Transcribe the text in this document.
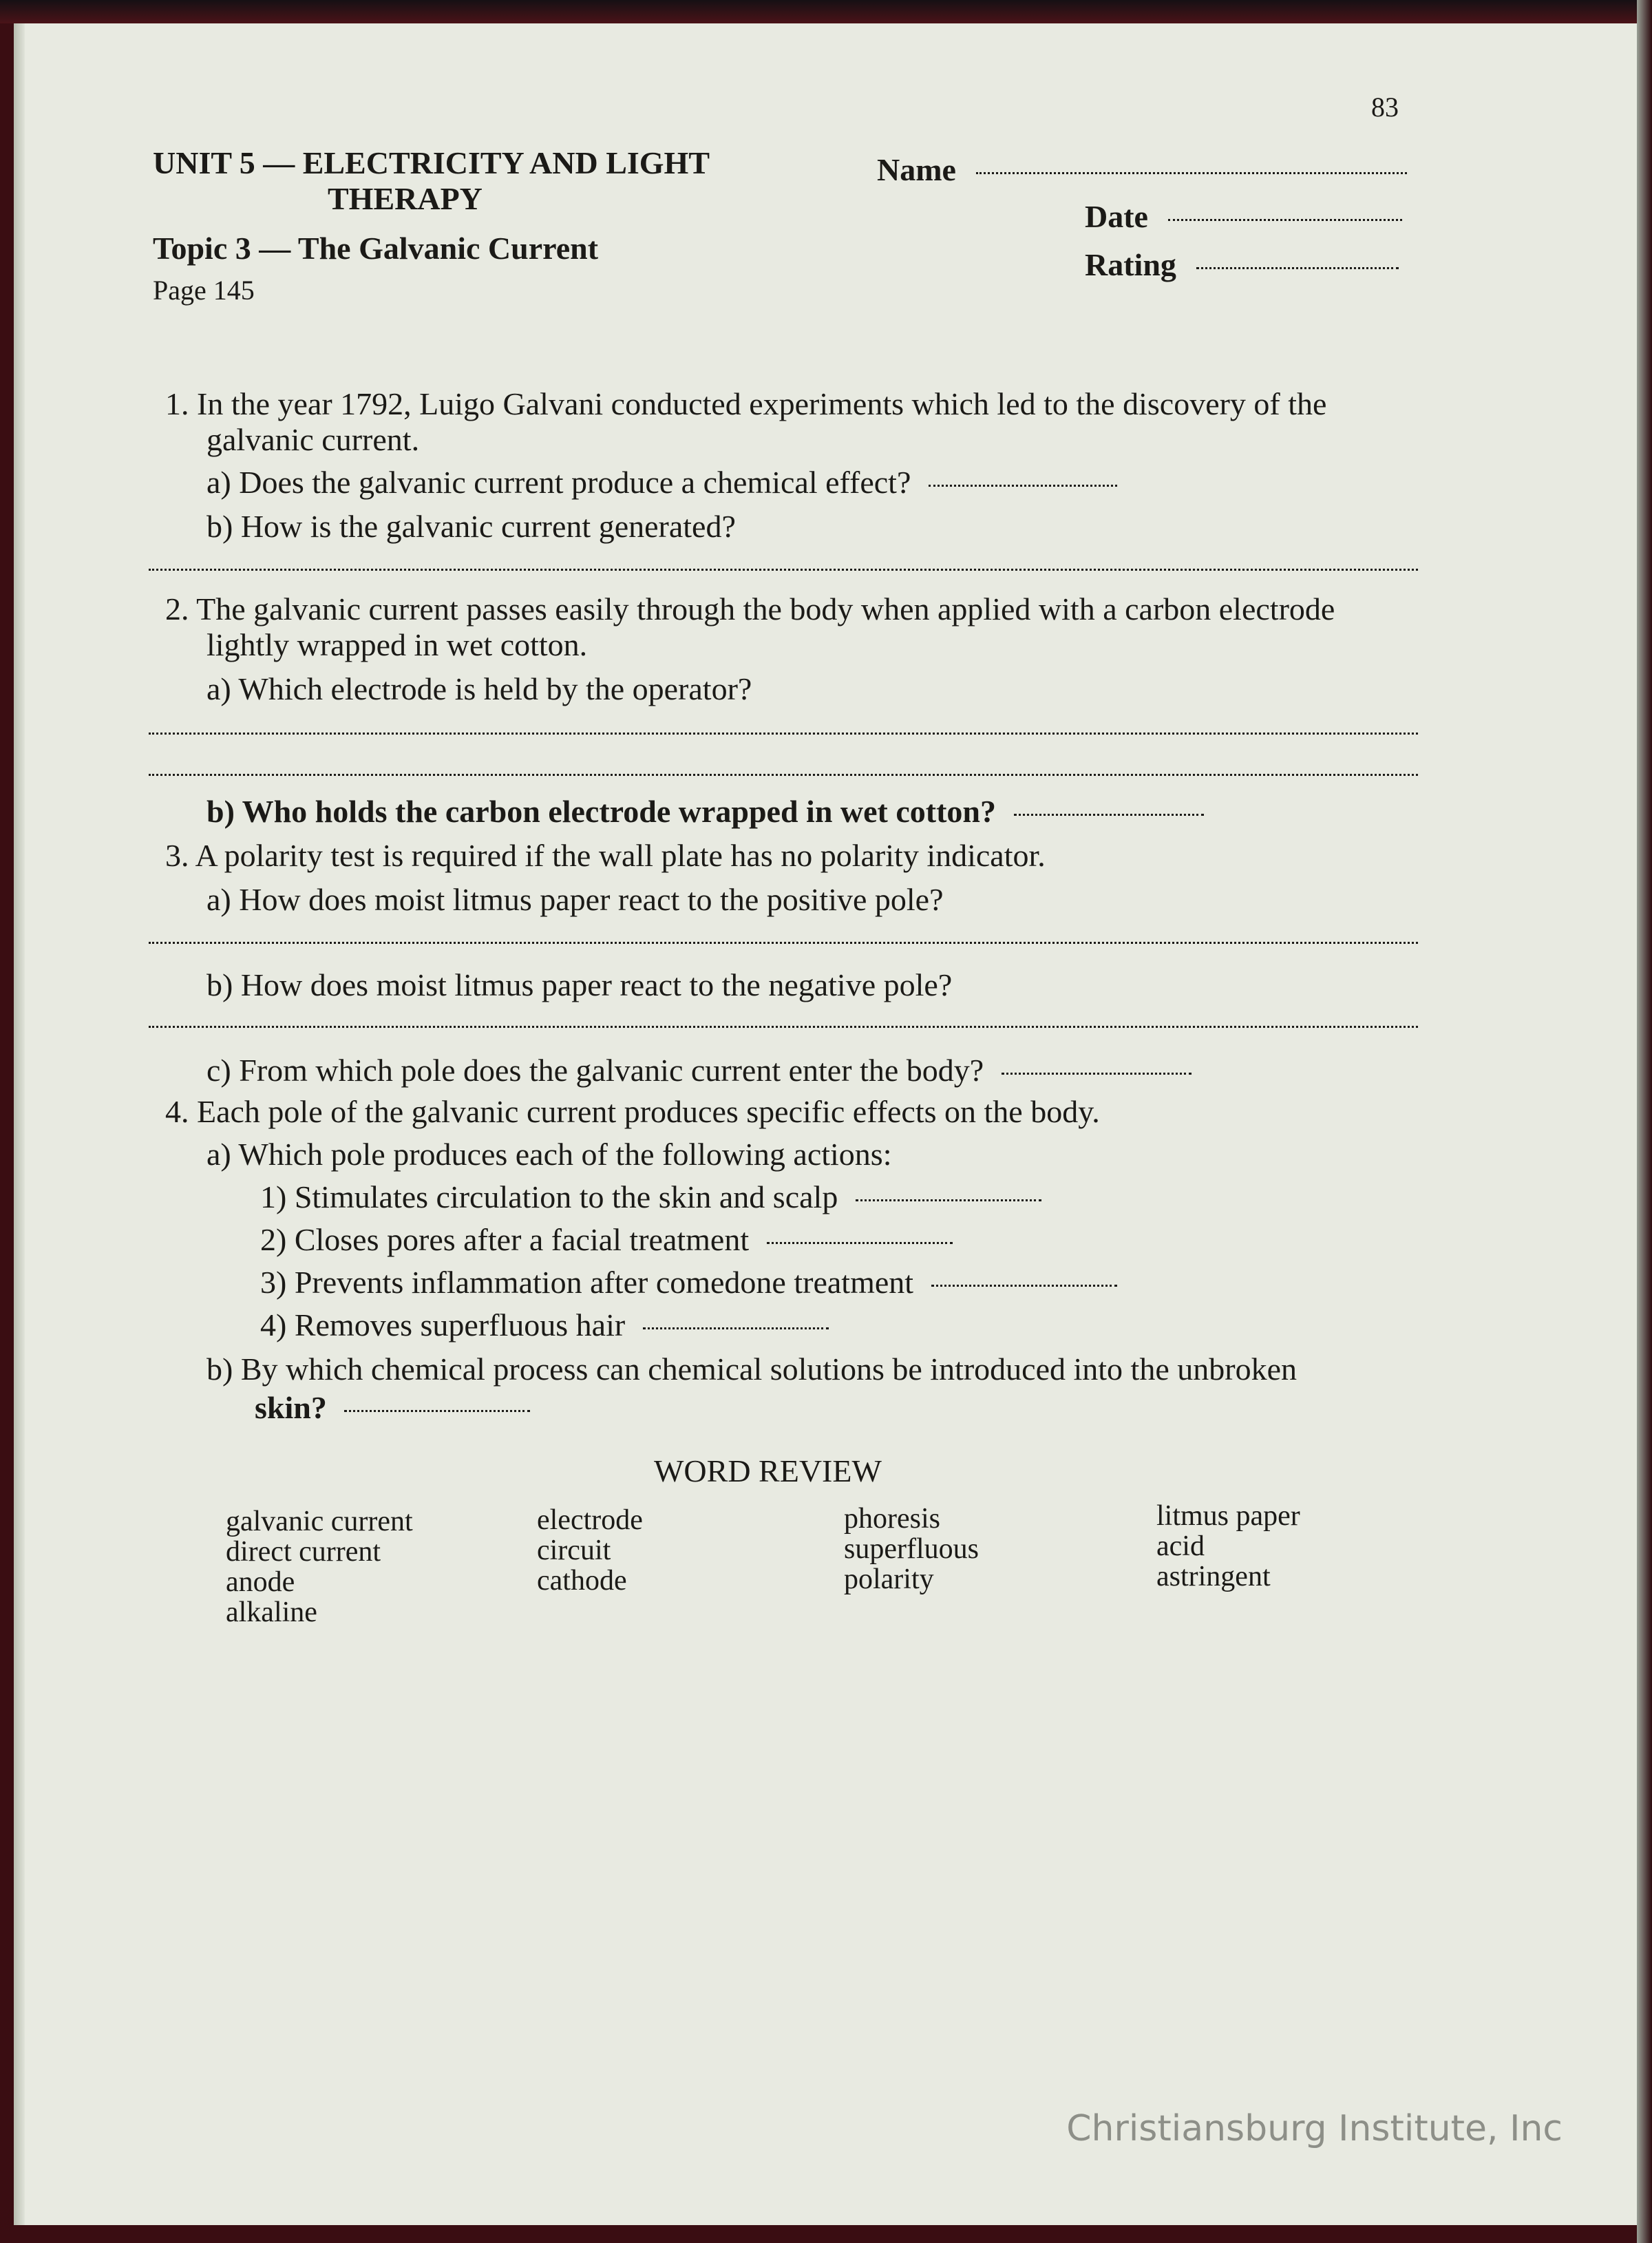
83
UNIT 5 — ELECTRICITY AND LIGHT
THERAPY
Topic 3 — The Galvanic Current
Page 145
Name
Date
Rating
1. In the year 1792, Luigo Galvani conducted experiments which led to the discovery of the
galvanic current.
a) Does the galvanic current produce a chemical effect?
b) How is the galvanic current generated?
2. The galvanic current passes easily through the body when applied with a carbon electrode
lightly wrapped in wet cotton.
a) Which electrode is held by the operator?
b) Who holds the carbon electrode wrapped in wet cotton?
3. A polarity test is required if the wall plate has no polarity indicator.
a) How does moist litmus paper react to the positive pole?
b) How does moist litmus paper react to the negative pole?
c) From which pole does the galvanic current enter the body?
4. Each pole of the galvanic current produces specific effects on the body.
a) Which pole produces each of the following actions:
1) Stimulates circulation to the skin and scalp
2) Closes pores after a facial treatment
3) Prevents inflammation after comedone treatment
4) Removes superfluous hair
b) By which chemical process can chemical solutions be introduced into the unbroken
skin?
WORD REVIEW
galvanic current
direct current
anode
alkaline
electrode
circuit
cathode
phoresis
superfluous
polarity
litmus paper
acid
astringent
Christiansburg Institute, Inc
